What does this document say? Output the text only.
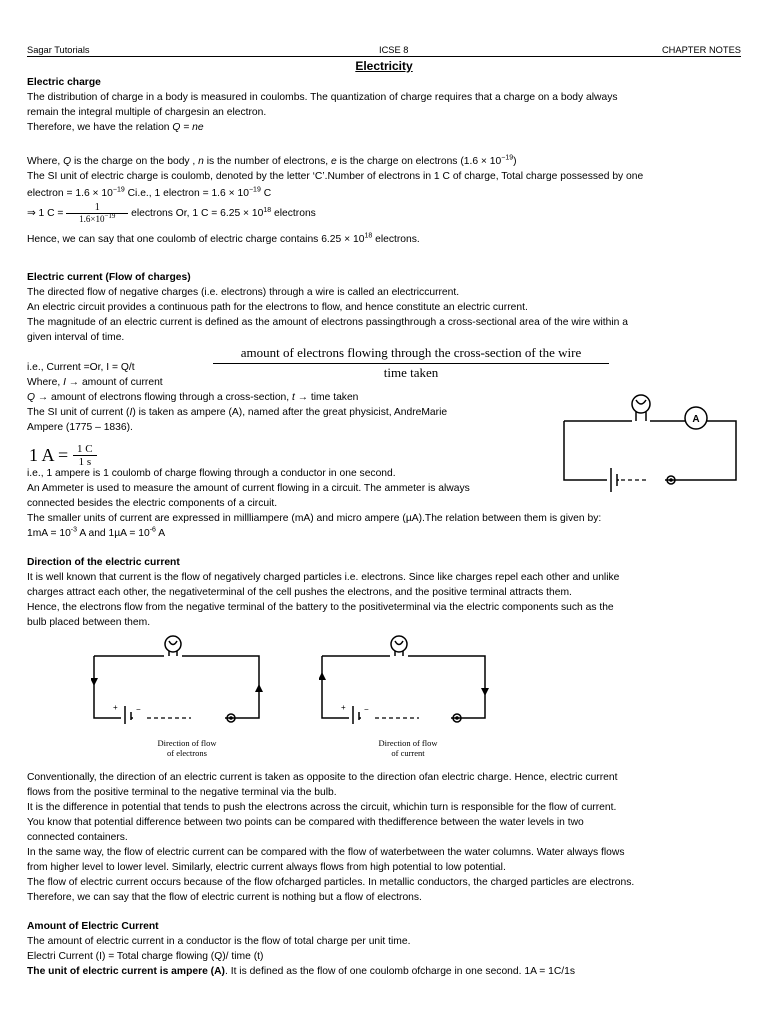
Sagar Tutorials	ICSE 8	CHAPTER NOTES
Electricity
Electric charge
The distribution of charge in a body is measured in coulombs. The quantization of charge requires that a charge on a body always
remain the integral multiple of chargesin an electron.
Therefore, we have the relation Q = ne
Where, Q is the charge on the body , n is the number of electrons, e is the charge on electrons $(1.6 \times 10^{-19})$
The SI unit of electric charge is coulomb, denoted by the letter ‘C’.Number of electrons in 1 C of charge, Total charge possessed by one
electron = $1.6 \times 10^{-19}$ Ci.e., 1 electron = $1.6 \times 10^{-19}$ C
⇒ 1 $C = \frac{1}{1.6\times 10^{-19}}$ electrons Or, 1 $C = 6.25 \times 10^{18}$ electrons
Hence, we can say that one coulomb of electric charge contains $6.25 \times 10^{18}$ electrons.
Electric current (Flow of charges)
The directed flow of negative charges (i.e. electrons) through a wire is called an electriccurrent.
An electric circuit provides a continuous path for the electrons to flow, and hence constitute an electric current.
The magnitude of an electric current is defined as the amount of electrons passingthrough a cross-sectional area of the wire within a
given interval of time.
amount of electrons flowing through the cross-section of the wire
time taken
i.e., Current =Or, I = Q/t
Where, I → amount of current
Q → amount of electrons flowing through a cross-section, t → time taken
The SI unit of current (I) is taken as ampere (A), named after the great physicist, AndreMarie
Ampere (1775 – 1836).
1 $A = \frac{1 C}{1 s}$
i.e., 1 ampere is 1 coulomb of charge flowing through a conductor in one second.
An Ammeter is used to measure the amount of current flowing in a circuit. The ammeter is always
connected besides the electric components of a circuit.
The smaller units of current are expressed in millliampere (mA) and micro ampere (µA).The relation between them is given by:
$1mA = 10^{-3}$ A and $1\mu A = 10^{-6}$ A
A
Direction of the electric current
It is well known that current is the flow of negatively charged particles i.e. electrons. Since like charges repel each other and unlike
charges attract each other, the negativeterminal of the cell pushes the electrons, and the positive terminal attracts them.
Hence, the electrons flow from the negative terminal of the battery to the positiveterminal via the electric components such as the
bulb placed between them.
+ −
Direction of flow
of electrons
+ −
Direction of flow
of current
Conventionally, the direction of an electric current is taken as opposite to the direction ofan electric charge. Hence, electric current
flows from the positive terminal to the negative terminal via the bulb.
It is the difference in potential that tends to push the electrons across the circuit, whichin turn is responsible for the flow of current.
You know that potential difference between two points can be compared with thedifference between the water levels in two
connected containers.
In the same way, the flow of electric current can be compared with the flow of waterbetween the water columns. Water always flows
from higher level to lower level. Similarly, electric current always flows from high potential to low potential.
The flow of electric current occurs because of the flow ofcharged particles. In metallic conductors, the charged particles are electrons.
Therefore, we can say that the flow of electric current is nothing but a flow of electrons.
Amount of Electric Current
The amount of electric current in a conductor is the flow of total charge per unit time.
Electri Current (I) = Total charge flowing (Q)/ time (t)
The unit of electric current is ampere (A). It is defined as the flow of one coulomb ofcharge in one second. 1A = 1C/1s
